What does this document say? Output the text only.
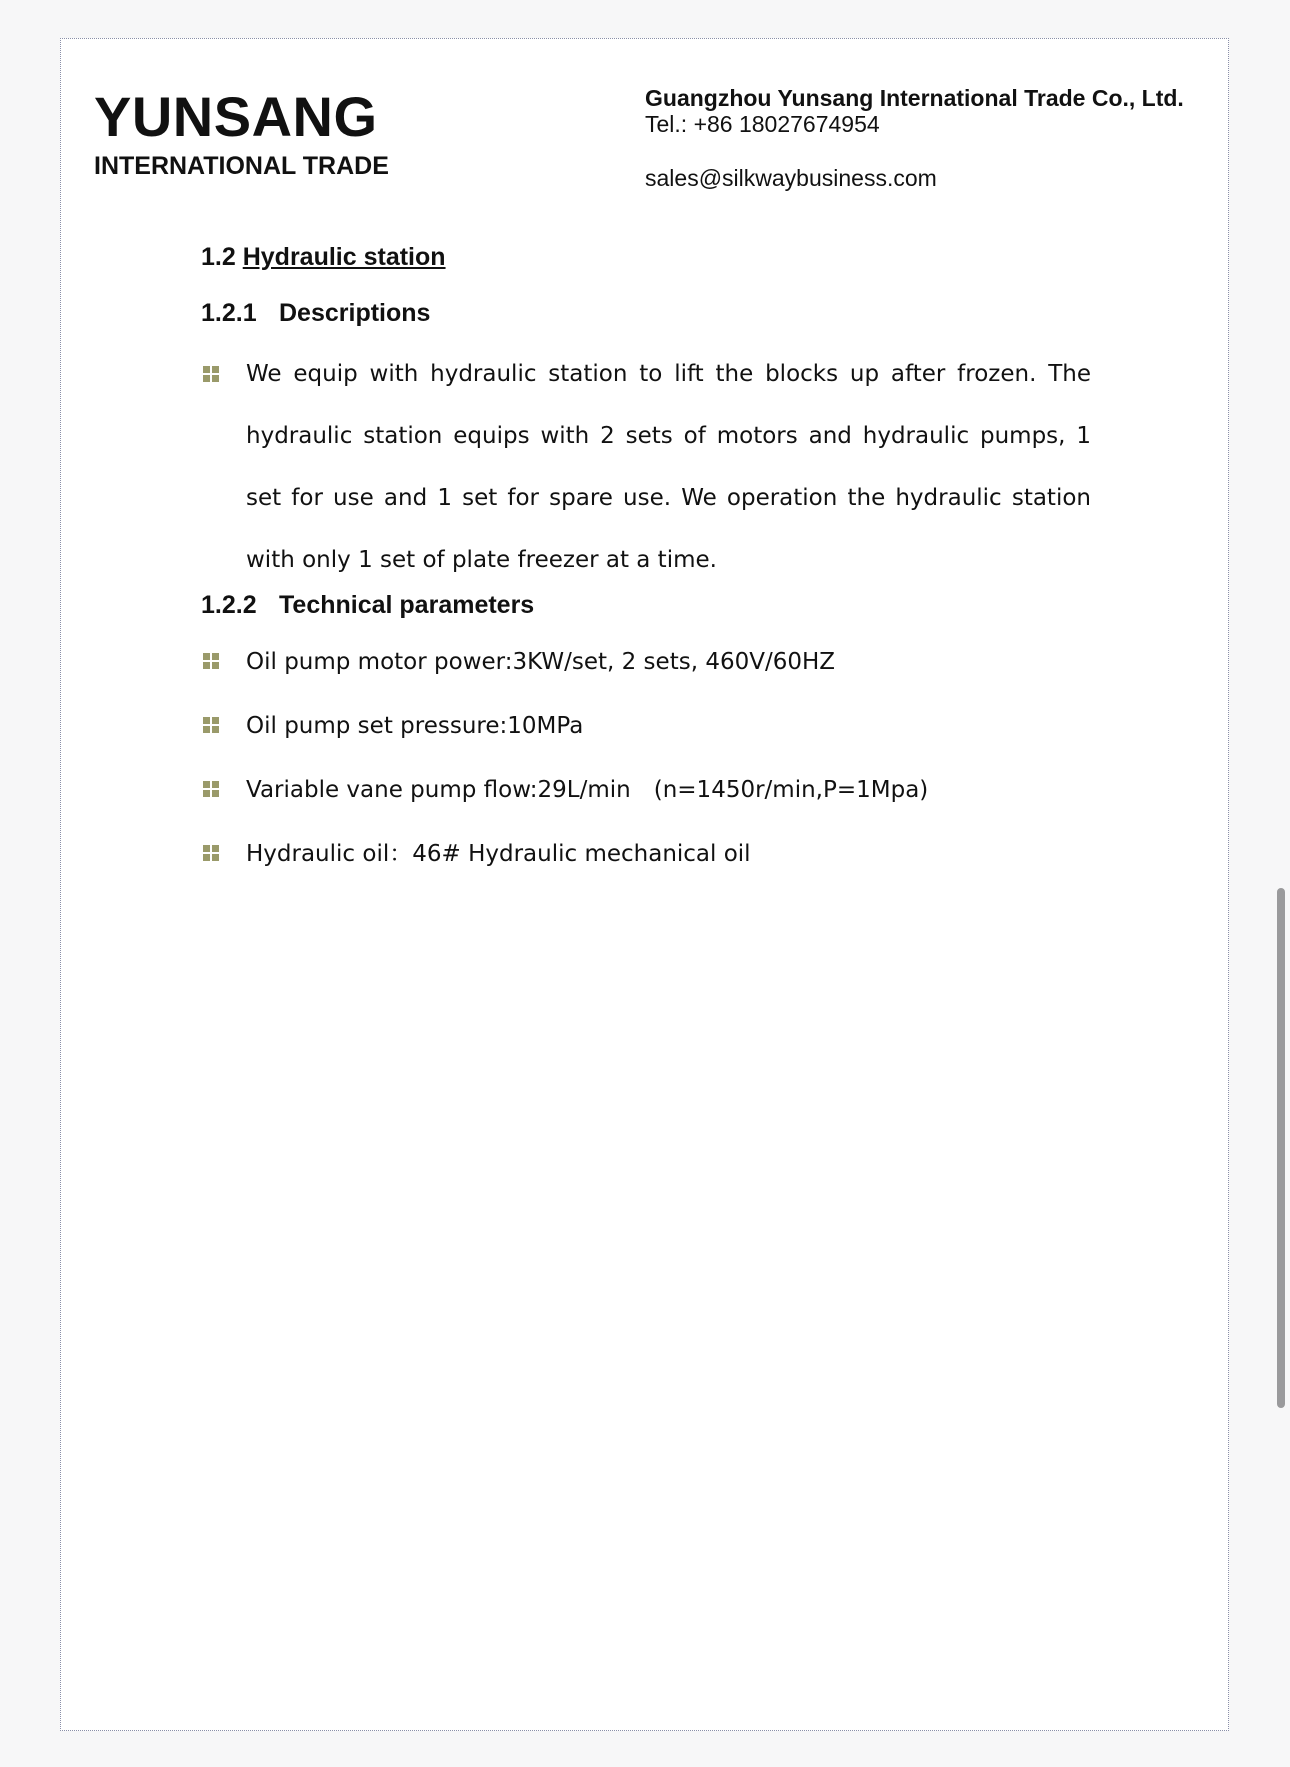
YUNSANG
INTERNATIONAL TRADE
Guangzhou Yunsang International Trade Co., Ltd.
Tel.: +86 18027674954
sales@silkwaybusiness.com
1.2 Hydraulic station
1.2.1 Descriptions
We equip with hydraulic station to lift the blocks up after frozen. The hydraulic station equips with 2 sets of motors and hydraulic pumps, 1 set for use and 1 set for spare use. We operation the hydraulic station with only 1 set of plate freezer at a time.
1.2.2 Technical parameters
Oil pump motor power:3KW/set, 2 sets, 460V/60HZ
Oil pump set pressure:10MPa
Variable vane pump flow:29L/min　(n=1450r/min,P=1Mpa)
Hydraulic oil：46# Hydraulic mechanical oil
